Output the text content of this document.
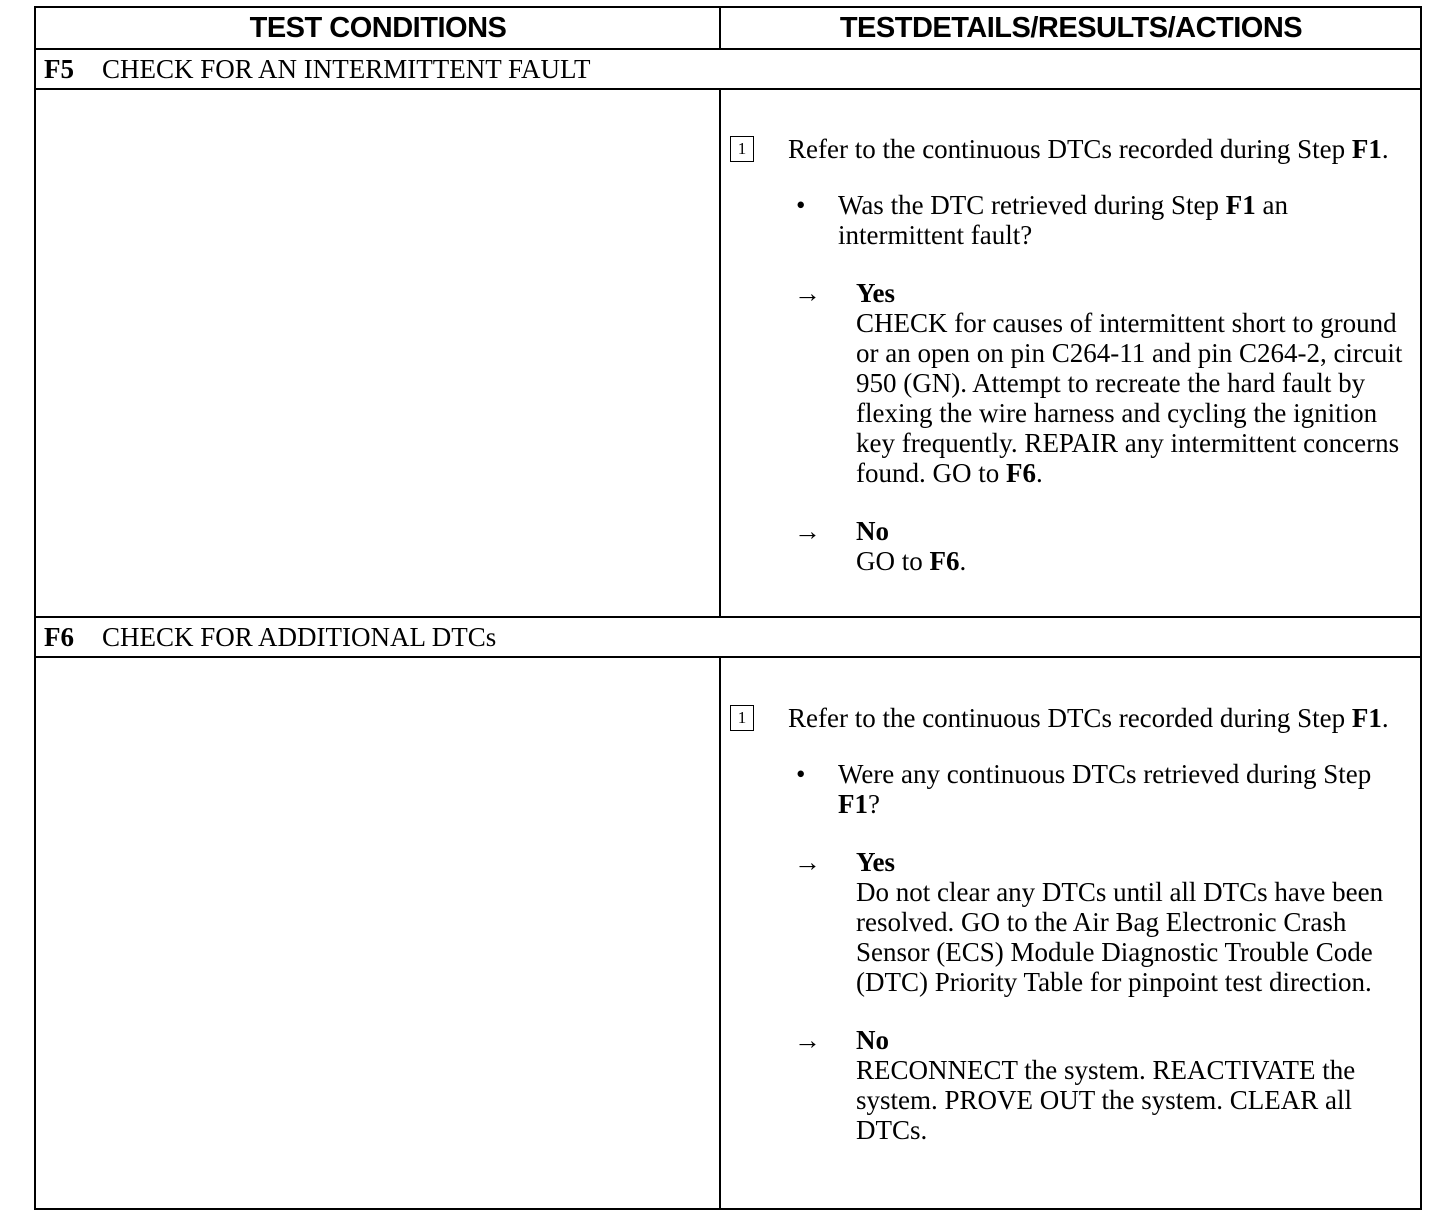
TEST CONDITIONS	TESTDETAILS/RESULTS/ACTIONS
F5 CHECK FOR AN INTERMITTENT FAULT
1 Refer to the continuous DTCs recorded during Step F1.
• Was the DTC retrieved during Step F1 an intermittent fault?
→ Yes
CHECK for causes of intermittent short to ground or an open on pin C264-11 and pin C264-2, circuit 950 (GN). Attempt to recreate the hard fault by flexing the wire harness and cycling the ignition key frequently. REPAIR any intermittent concerns found. GO to F6.
→ No
GO to F6.
F6 CHECK FOR ADDITIONAL DTCs
1 Refer to the continuous DTCs recorded during Step F1.
• Were any continuous DTCs retrieved during Step F1?
→ Yes
Do not clear any DTCs until all DTCs have been resolved. GO to the Air Bag Electronic Crash Sensor (ECS) Module Diagnostic Trouble Code (DTC) Priority Table for pinpoint test direction.
→ No
RECONNECT the system. REACTIVATE the system. PROVE OUT the system. CLEAR all DTCs.
